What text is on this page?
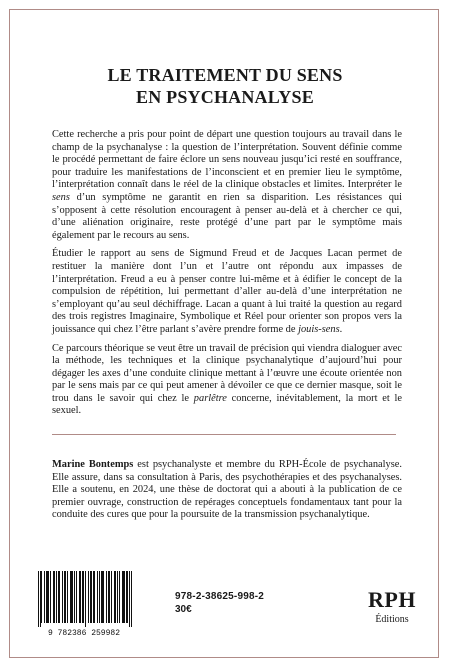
LE TRAITEMENT DU SENS
EN PSYCHANALYSE

Cette recherche a pris pour point de départ une question toujours au travail dans le champ de la psychanalyse : la question de l’interprétation. Souvent définie comme le procédé permettant de faire éclore un sens nouveau jusqu’ici resté en souffrance, pour traduire les manifestations de l’inconscient et en premier lieu le symptôme, l’interprétation connaît dans le réel de la clinique obstacles et limites. Interpréter le sens d’un symptôme ne garantit en rien sa disparition. Les résistances qui s’opposent à cette résolution encouragent à penser au-delà et à chercher ce qui, d’une aliénation originaire, reste protégé d’une part par le symptôme mais également par le recours au sens.

Étudier le rapport au sens de Sigmund Freud et de Jacques Lacan permet de restituer la manière dont l’un et l’autre ont répondu aux impasses de l’interprétation. Freud a eu à penser contre lui-même et à édifier le concept de la compulsion de répétition, lui permettant d’aller au-delà d’une interprétation ne s’employant qu’au seul déchiffrage. Lacan a quant à lui traité la question au regard des trois registres Imaginaire, Symbolique et Réel pour orienter son propos vers la jouissance qui chez l’être parlant s’avère prendre forme de jouis-sens.

Ce parcours théorique se veut être un travail de précision qui viendra dialoguer avec la méthode, les techniques et la clinique psychanalytique d’aujourd’hui pour dégager les axes d’une conduite clinique mettant à l’œuvre une écoute orientée non par le sens mais par ce qui peut amener à dévoiler ce que ce dernier masque, soit le trou dans le savoir qui chez le parlêtre concerne, inévitablement, la mort et le sexuel.

Marine Bontemps est psychanalyste et membre du RPH-École de psychanalyse. Elle assure, dans sa consultation à Paris, des psychothérapies et des psychanalyses. Elle a soutenu, en 2024, une thèse de doctorat qui a abouti à la publication de ce premier ouvrage, construction de repérages conceptuels fondamentaux tant pour la conduite des cures que pour la poursuite de la transmission psychanalytique.
9 782386 259982
978-2-38625-998-2
30€	RPH
Éditions
